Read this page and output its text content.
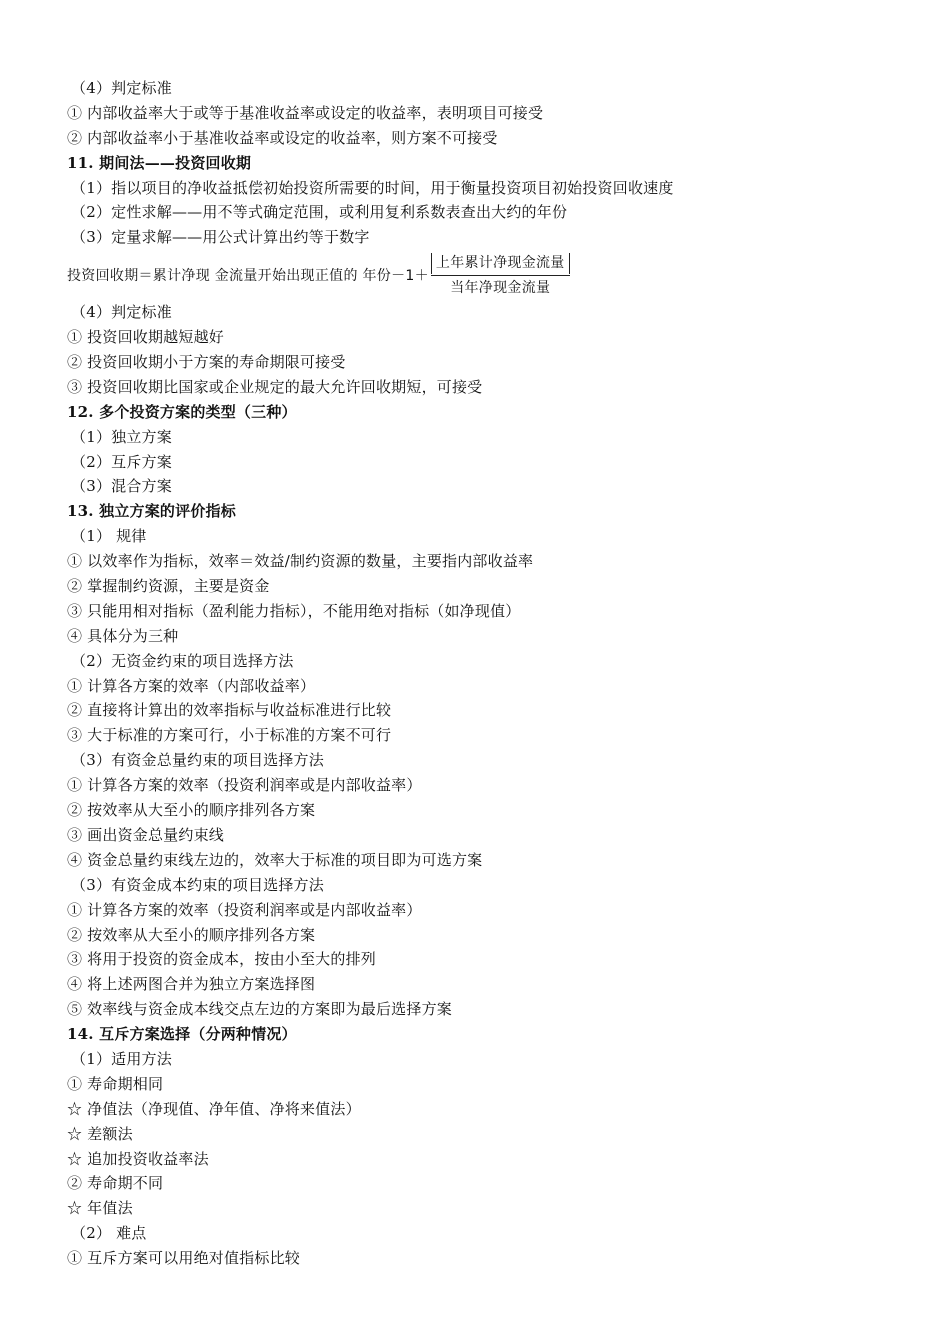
（4）判定标准
① 内部收益率大于或等于基准收益率或设定的收益率，表明项目可接受
② 内部收益率小于基准收益率或设定的收益率，则方案不可接受
11. 期间法——投资回收期
（1）指以项目的净收益抵偿初始投资所需要的时间，用于衡量投资项目初始投资回收速度
（2）定性求解——用不等式确定范围，或利用复利系数表查出大约的年份
（3）定量求解——用公式计算出约等于数字
投资回收期＝累计净现 金流量开始出现正值的 年份$-1+ \frac{\text{上年累计净现金流量}}{\text{当年净现金流量}}$
（4）判定标准
① 投资回收期越短越好
② 投资回收期小于方案的寿命期限可接受
③ 投资回收期比国家或企业规定的最大允许回收期短，可接受
12. 多个投资方案的类型（三种）
（1）独立方案
（2）互斥方案
（3）混合方案
13. 独立方案的评价指标
（1） 规律
① 以效率作为指标，效率＝效益/制约资源的数量，主要指内部收益率
② 掌握制约资源，主要是资金
③ 只能用相对指标（盈利能力指标），不能用绝对指标（如净现值）
④ 具体分为三种
（2）无资金约束的项目选择方法
① 计算各方案的效率（内部收益率）
② 直接将计算出的效率指标与收益标准进行比较
③ 大于标准的方案可行，小于标准的方案不可行
（3）有资金总量约束的项目选择方法
① 计算各方案的效率（投资利润率或是内部收益率）
② 按效率从大至小的顺序排列各方案
③ 画出资金总量约束线
④ 资金总量约束线左边的，效率大于标准的项目即为可选方案
（3）有资金成本约束的项目选择方法
① 计算各方案的效率（投资利润率或是内部收益率）
② 按效率从大至小的顺序排列各方案
③ 将用于投资的资金成本，按由小至大的排列
④ 将上述两图合并为独立方案选择图
⑤ 效率线与资金成本线交点左边的方案即为最后选择方案
14. 互斥方案选择（分两种情况）
（1）适用方法
① 寿命期相同
☆ 净值法（净现值、净年值、净将来值法）
☆ 差额法
☆ 追加投资收益率法
② 寿命期不同
☆ 年值法
（2） 难点
① 互斥方案可以用绝对值指标比较
